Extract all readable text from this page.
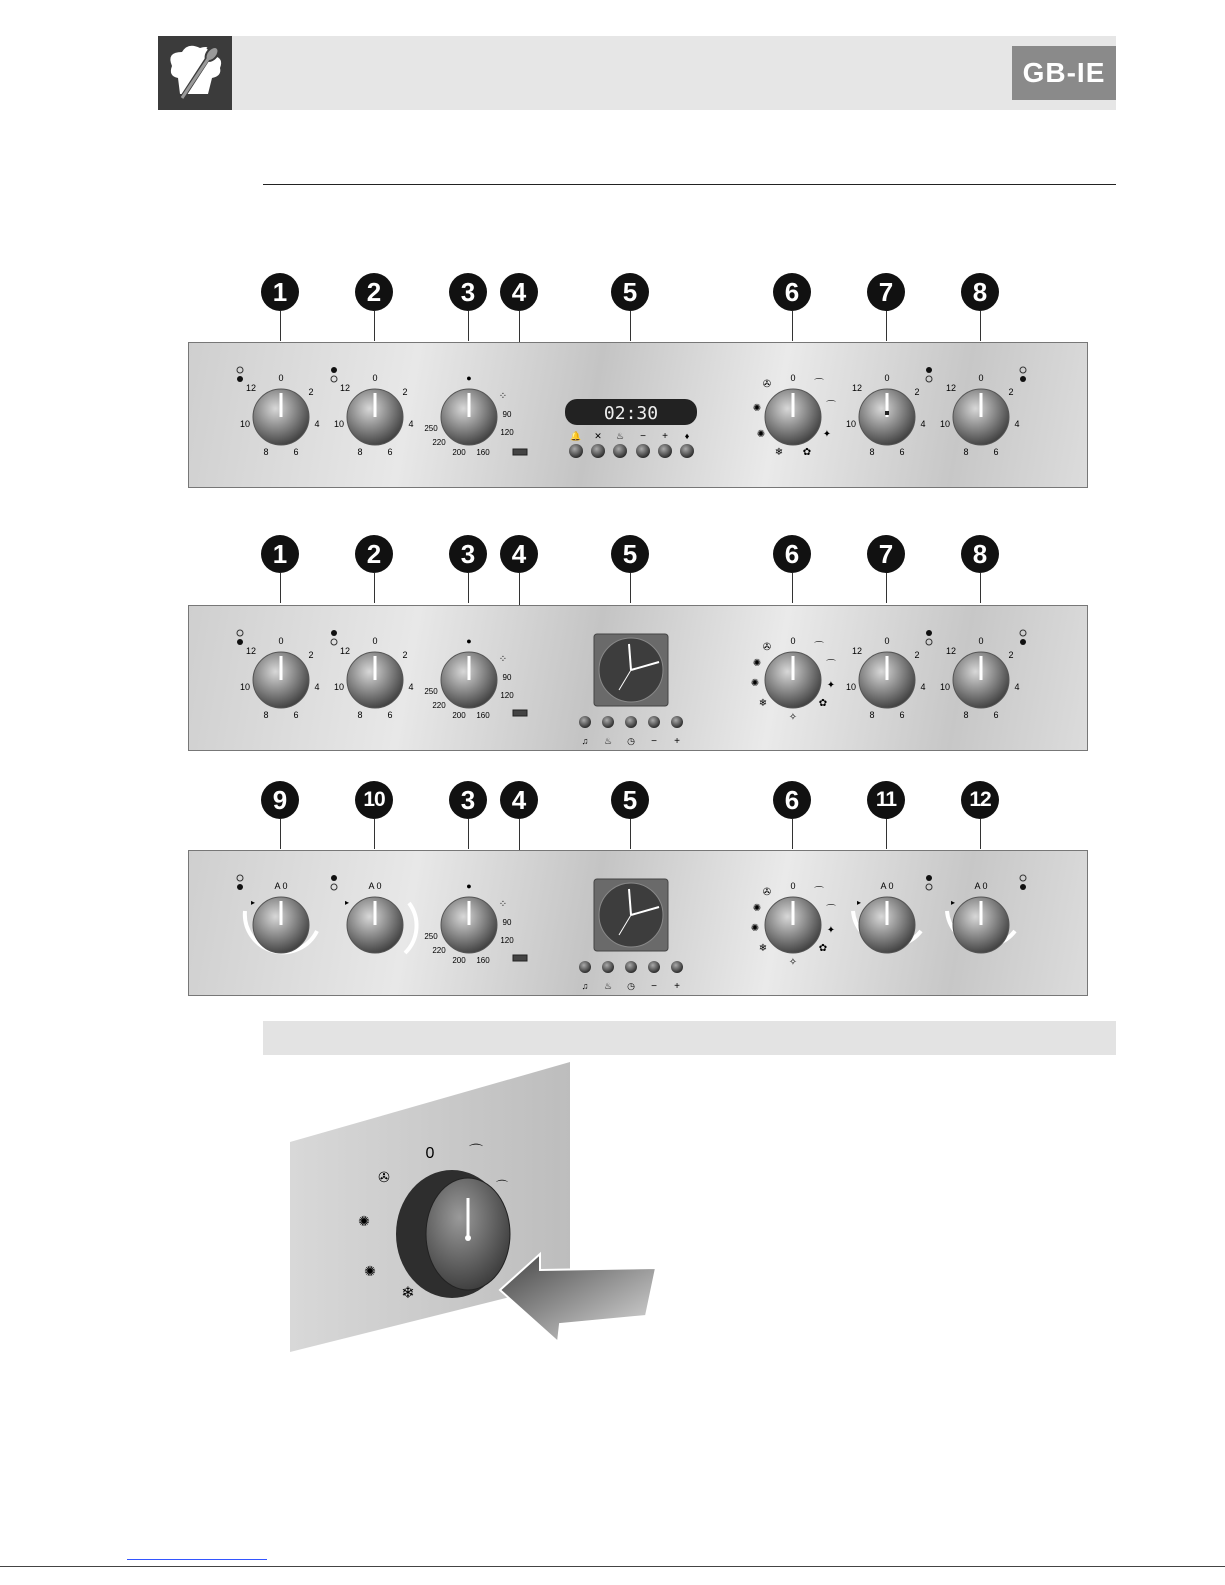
GB-IE
1	2	3	4	5	6	7	8
0
12	2
10	4
8	6
0
12	2
10	4
8	6
●
250
220
200 160
120
90
⁘
02:30
🔔 ✕ ♨ − + ♦
0
✇	⌒
✺	⌒
✺	✦
❄ ✿
0
12	2
10	4
8	6
0
12	2
10	4
8	6
1	2	3	4	5	6	7	8
0
12	2
10	4
8	6
0
12	2
10	4
8	6
●
250
220
200 160
120
90
⁘
♫ ♨ ◷ − +
0
✇	⌒
✺	⌒
✺	✦
❄	✿
✧
0
12	2
10	4
8	6
0
12	2
10	4
8	6
9	10	3	4	5	6	11	12
A 0
▸
A 0
▸
●
250
220
200 160
120
90
⁘
♫ ♨ ◷ − +
0
✇	⌒
✺	⌒
✺	✦
❄	✿
✧
A 0
▸
A 0
▸
0 ⌒
⌒
✇
✺
✺
❄
